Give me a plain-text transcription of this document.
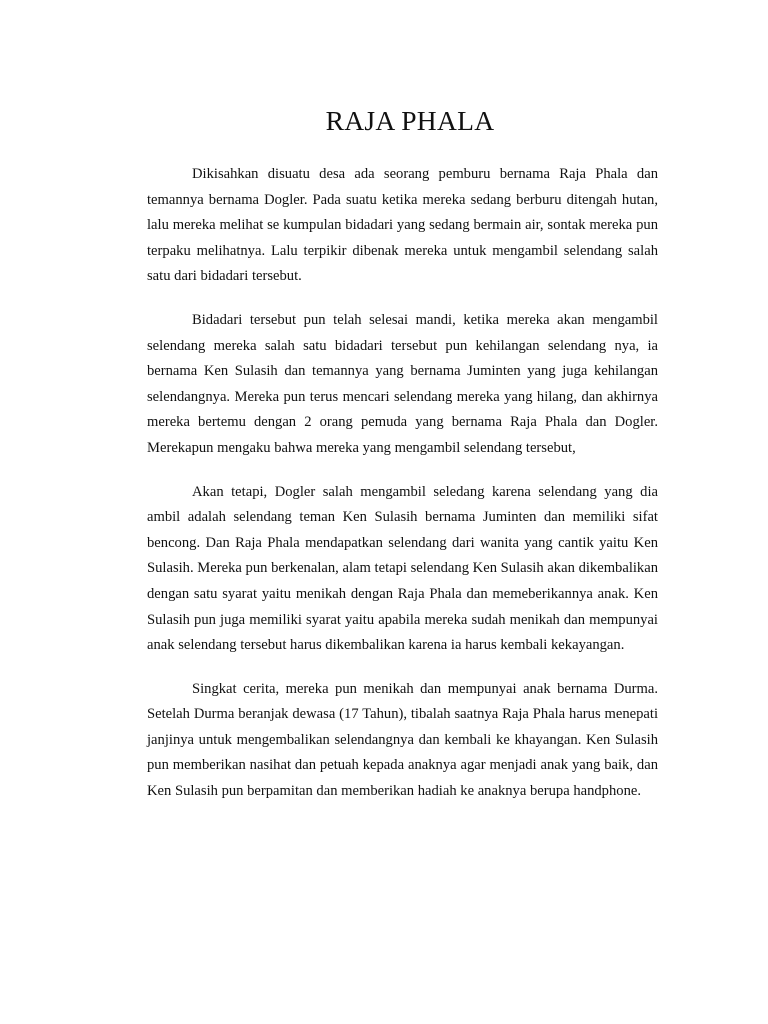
RAJA PHALA

Dikisahkan disuatu desa ada seorang pemburu bernama Raja Phala dan temannya bernama Dogler. Pada suatu ketika mereka sedang berburu ditengah hutan, lalu mereka melihat se kumpulan bidadari yang sedang bermain air, sontak mereka pun terpaku melihatnya. Lalu terpikir dibenak mereka untuk mengambil selendang salah satu dari bidadari tersebut.

Bidadari tersebut pun telah selesai mandi, ketika mereka akan mengambil selendang mereka salah satu bidadari tersebut pun kehilangan selendang nya, ia bernama Ken Sulasih dan temannya yang bernama Juminten yang juga kehilangan selendangnya. Mereka pun terus mencari selendang mereka yang hilang, dan akhirnya mereka bertemu dengan 2 orang pemuda yang bernama Raja Phala dan Dogler. Merekapun mengaku bahwa mereka yang mengambil selendang tersebut,

Akan tetapi, Dogler salah mengambil seledang karena selendang yang dia ambil adalah selendang teman Ken Sulasih bernama Juminten dan memiliki sifat bencong. Dan Raja Phala mendapatkan selendang dari wanita yang cantik yaitu Ken Sulasih. Mereka pun berkenalan, alam tetapi selendang Ken Sulasih akan dikembalikan dengan satu syarat yaitu menikah dengan Raja Phala dan memeberikannya anak. Ken Sulasih pun juga memiliki syarat yaitu apabila mereka sudah menikah dan mempunyai anak selendang tersebut harus dikembalikan karena ia harus kembali kekayangan.

Singkat cerita, mereka pun menikah dan mempunyai anak bernama Durma. Setelah Durma beranjak dewasa (17 Tahun), tibalah saatnya Raja Phala harus menepati janjinya untuk mengembalikan selendangnya dan kembali ke khayangan. Ken Sulasih pun memberikan nasihat dan petuah kepada anaknya agar menjadi anak yang baik, dan Ken Sulasih pun berpamitan dan memberikan hadiah ke anaknya berupa handphone.
